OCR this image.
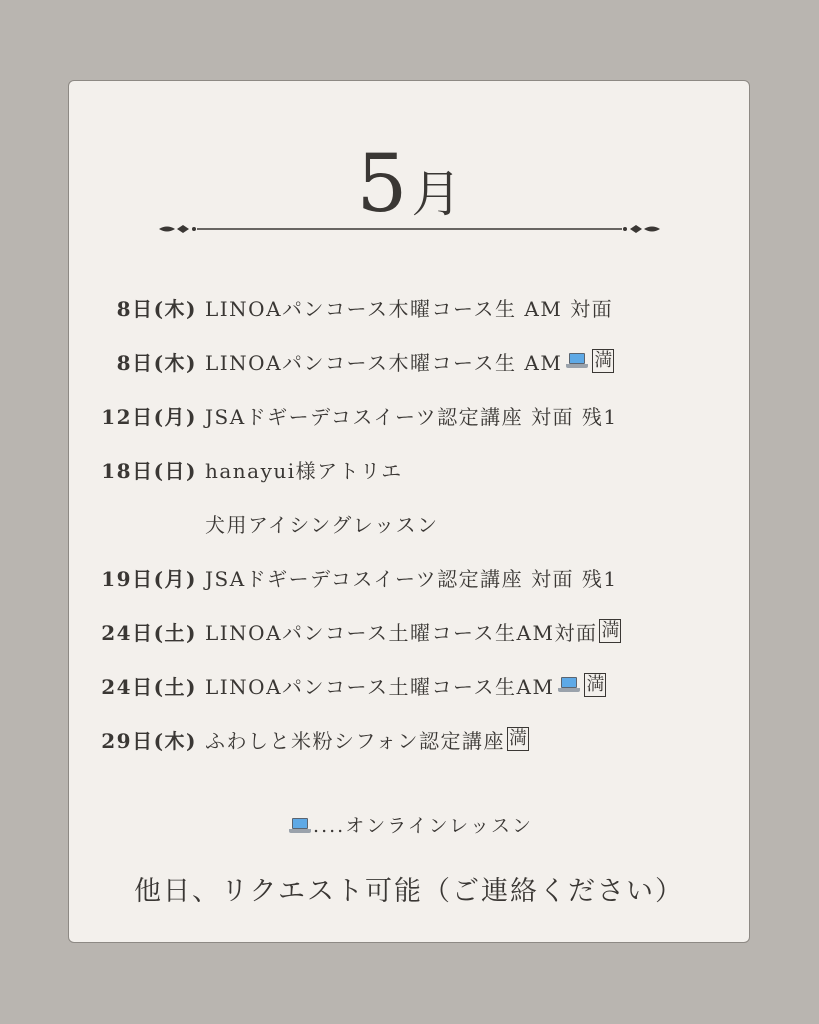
5月
8日(木) LINOAパンコース木曜コース生 AM 対面
8日(木) LINOAパンコース木曜コース生 AM 満
12日(月) JSAドギーデコスイーツ認定講座 対面 残1
18日(日) hanayui様アトリエ
犬用アイシングレッスン
19日(月) JSAドギーデコスイーツ認定講座 対面 残1
24日(土) LINOAパンコース土曜コース生AM対面 満
24日(土) LINOAパンコース土曜コース生AM 満
29日(木) ふわしと米粉シフォン認定講座 満
....オンラインレッスン
他日、リクエスト可能（ご連絡ください）
